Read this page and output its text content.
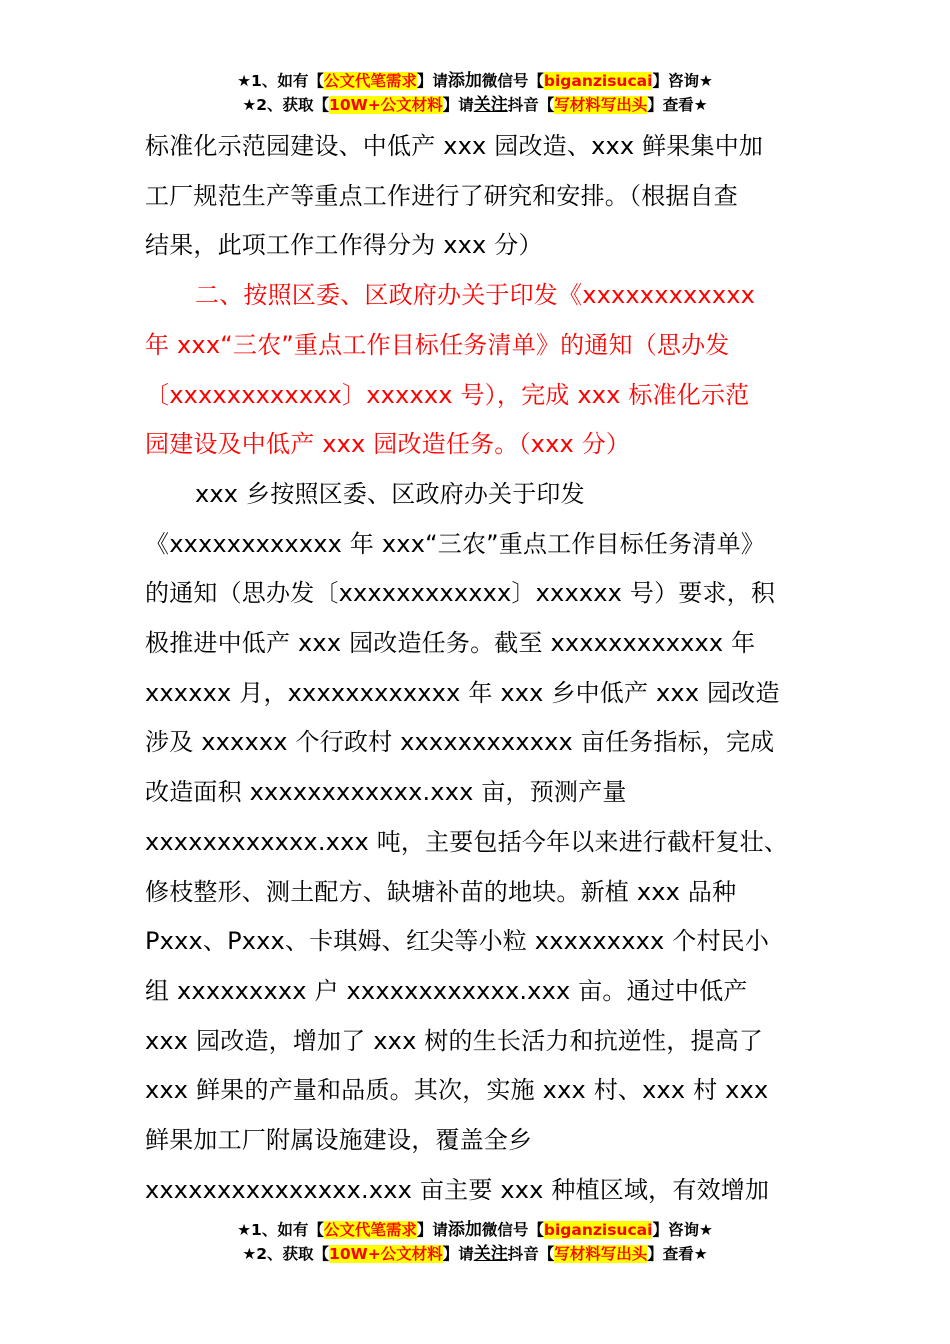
★1、如有【公文代笔需求】请添加微信号【biganzisucai】咨询★
★2、获取【10W+公文材料】请关注抖音【写材料写出头】查看★
标准化示范园建设、中低产 xxx 园改造、xxx 鲜果集中加
工厂规范生产等重点工作进行了研究和安排。（根据自查
结果，此项工作工作得分为 xxx 分）
二、按照区委、区政府办关于印发《xxxxxxxxxxxx
年 xxx“三农”重点工作目标任务清单》的通知（思办发
〔xxxxxxxxxxxx〕xxxxxx 号），完成 xxx 标准化示范
园建设及中低产 xxx 园改造任务。（xxx 分）
xxx 乡按照区委、区政府办关于印发
《xxxxxxxxxxxx 年 xxx“三农”重点工作目标任务清单》
的通知（思办发〔xxxxxxxxxxxx〕xxxxxx 号）要求，积
极推进中低产 xxx 园改造任务。截至 xxxxxxxxxxxx 年
xxxxxx 月，xxxxxxxxxxxx 年 xxx 乡中低产 xxx 园改造
涉及 xxxxxx 个行政村 xxxxxxxxxxxx 亩任务指标，完成
改造面积 xxxxxxxxxxxx.xxx 亩，预测产量
xxxxxxxxxxxx.xxx 吨，主要包括今年以来进行截杆复壮、
修枝整形、测土配方、缺塘补苗的地块。新植 xxx 品种
Pxxx、Pxxx、卡琪姆、红尖等小粒 xxxxxxxxx 个村民小
组 xxxxxxxxx 户 xxxxxxxxxxxx.xxx 亩。通过中低产
xxx 园改造，增加了 xxx 树的生长活力和抗逆性，提高了
xxx 鲜果的产量和品质。其次，实施 xxx 村、xxx 村 xxx
鲜果加工厂附属设施建设，覆盖全乡
xxxxxxxxxxxxxxx.xxx 亩主要 xxx 种植区域，有效增加
★1、如有【公文代笔需求】请添加微信号【biganzisucai】咨询★
★2、获取【10W+公文材料】请关注抖音【写材料写出头】查看★
